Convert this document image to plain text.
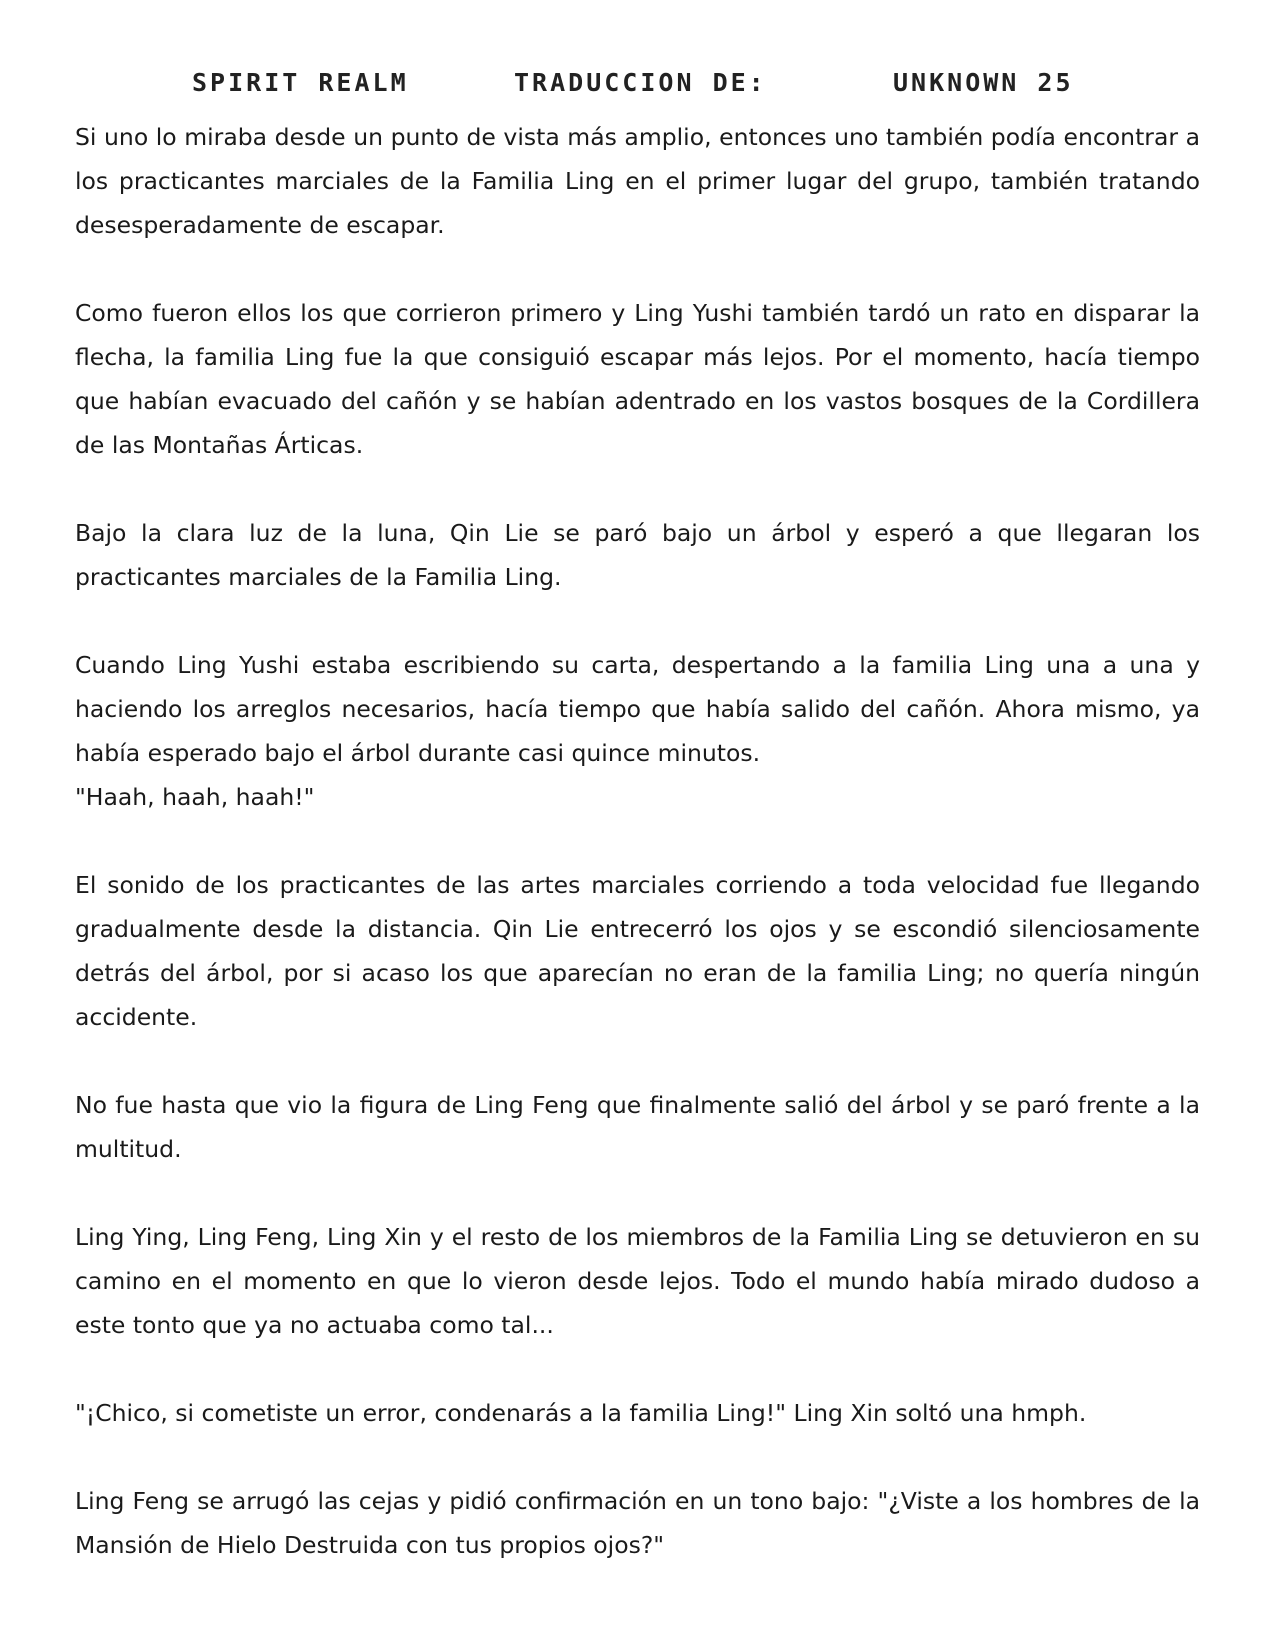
SPIRIT REALM	TRADUCCION DE:	UNKNOWN 25

Si uno lo miraba desde un punto de vista más amplio, entonces uno también podía encontrar a los practicantes marciales de la Familia Ling en el primer lugar del grupo, también tratando desesperadamente de escapar.

Como fueron ellos los que corrieron primero y Ling Yushi también tardó un rato en disparar la flecha, la familia Ling fue la que consiguió escapar más lejos. Por el momento, hacía tiempo que habían evacuado del cañón y se habían adentrado en los vastos bosques de la Cordillera de las Montañas Árticas.

Bajo la clara luz de la luna, Qin Lie se paró bajo un árbol y esperó a que llegaran los practicantes marciales de la Familia Ling.

Cuando Ling Yushi estaba escribiendo su carta, despertando a la familia Ling una a una y haciendo los arreglos necesarios, hacía tiempo que había salido del cañón. Ahora mismo, ya había esperado bajo el árbol durante casi quince minutos.

"Haah, haah, haah!"

El sonido de los practicantes de las artes marciales corriendo a toda velocidad fue llegando gradualmente desde la distancia. Qin Lie entrecerró los ojos y se escondió silenciosamente detrás del árbol, por si acaso los que aparecían no eran de la familia Ling; no quería ningún accidente.

No fue hasta que vio la figura de Ling Feng que finalmente salió del árbol y se paró frente a la multitud.

Ling Ying, Ling Feng, Ling Xin y el resto de los miembros de la Familia Ling se detuvieron en su camino en el momento en que lo vieron desde lejos. Todo el mundo había mirado dudoso a este tonto que ya no actuaba como tal...

"¡Chico, si cometiste un error, condenarás a la familia Ling!" Ling Xin soltó una hmph.

Ling Feng se arrugó las cejas y pidió confirmación en un tono bajo: "¿Viste a los hombres de la Mansión de Hielo Destruida con tus propios ojos?"
